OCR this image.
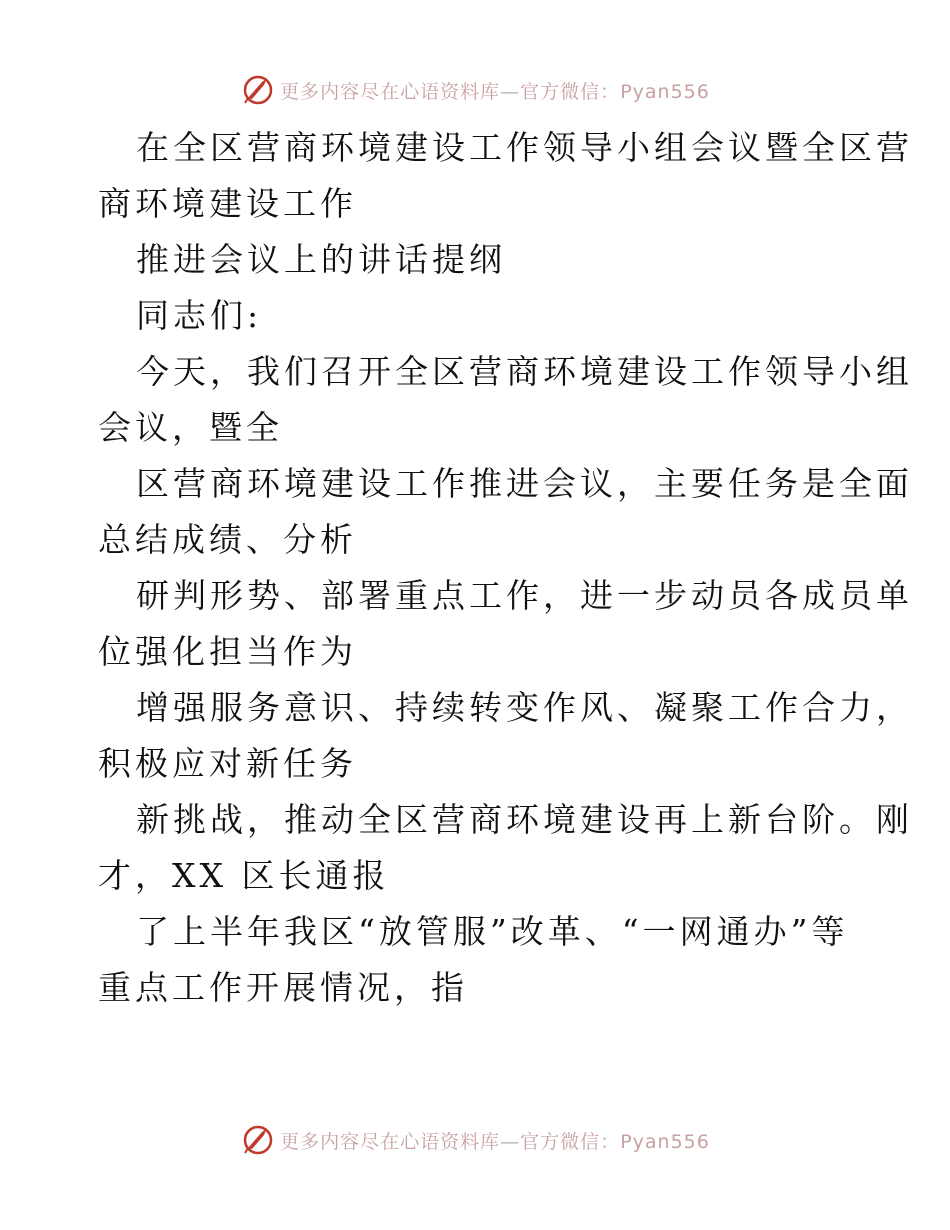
更多内容尽在心语资料库—官方微信：Pyan556

在全区营商环境建设工作领导小组会议暨全区营

商环境建设工作

推进会议上的讲话提纲

同志们:

今天，我们召开全区营商环境建设工作领导小组

会议，暨全

区营商环境建设工作推进会议，主要任务是全面

总结成绩、分析

研判形势、部署重点工作，进一步动员各成员单

位强化担当作为

增强服务意识、持续转变作风、凝聚工作合力，

积极应对新任务

新挑战，推动全区营商环境建设再上新台阶。刚

才，XX 区长通报

了上半年我区“放管服”改革、“一网通办”等

重点工作开展情况，指

更多内容尽在心语资料库—官方微信：Pyan556
